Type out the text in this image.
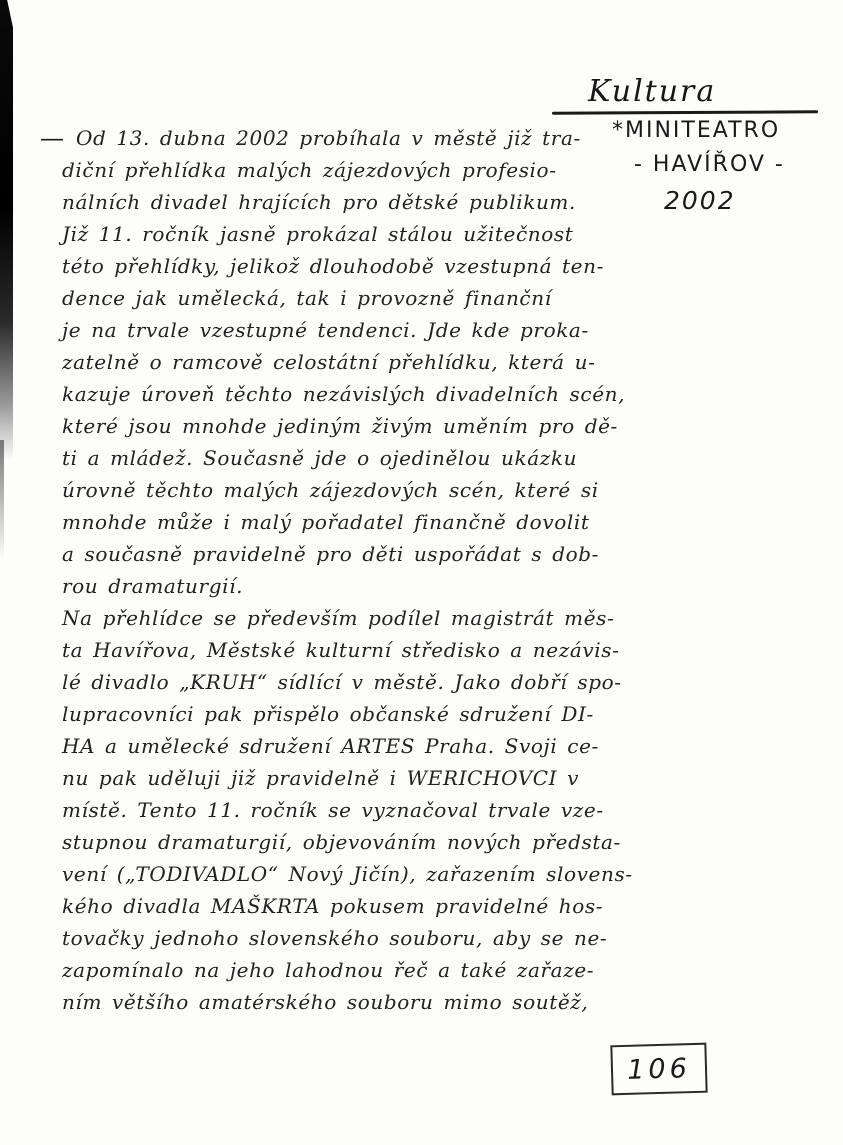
Kultura
*MINITEATRO
- HAVÍŘOV -
2002
— Od 13. dubna 2002 probíhala v městě již tra-
diční přehlídka malých zájezdových profesio-
nálních divadel hrajících pro dětské publikum.
Již 11. ročník jasně prokázal stálou užitečnost
této přehlídky, jelikož dlouhodobě vzestupná ten-
dence jak umělecká, tak i provozně finanční
je na trvale vzestupné tendenci. Jde kde proka-
zatelně o ramcově celostátní přehlídku, která u-
kazuje úroveň těchto nezávislých divadelních scén,
které jsou mnohde jediným živým uměním pro dě-
ti a mládež. Současně jde o ojedinělou ukázku
úrovně těchto malých zájezdových scén, které si
mnohde může i malý pořadatel finančně dovolit
a současně pravidelně pro děti uspořádat s dob-
rou dramaturgií.
Na přehlídce se především podílel magistrát měs-
ta Havířova, Městské kulturní středisko a nezávis-
lé divadlo „KRUH“ sídlící v městě. Jako dobří spo-
lupracovníci pak přispělo občanské sdružení DI-
HA a umělecké sdružení ARTES Praha. Svoji ce-
nu pak uděluji již pravidelně i WERICHOVCI v
místě. Tento 11. ročník se vyznačoval trvale vze-
stupnou dramaturgií, objevováním nových předsta-
vení („TODIVADLO“ Nový Jičín), zařazením slovens-
kého divadla MAŠKRTA pokusem pravidelné hos-
tovačky jednoho slovenského souboru, aby se ne-
zapomínalo na jeho lahodnou řeč a také zařaze-
ním většího amatérského souboru mimo soutěž,
106
